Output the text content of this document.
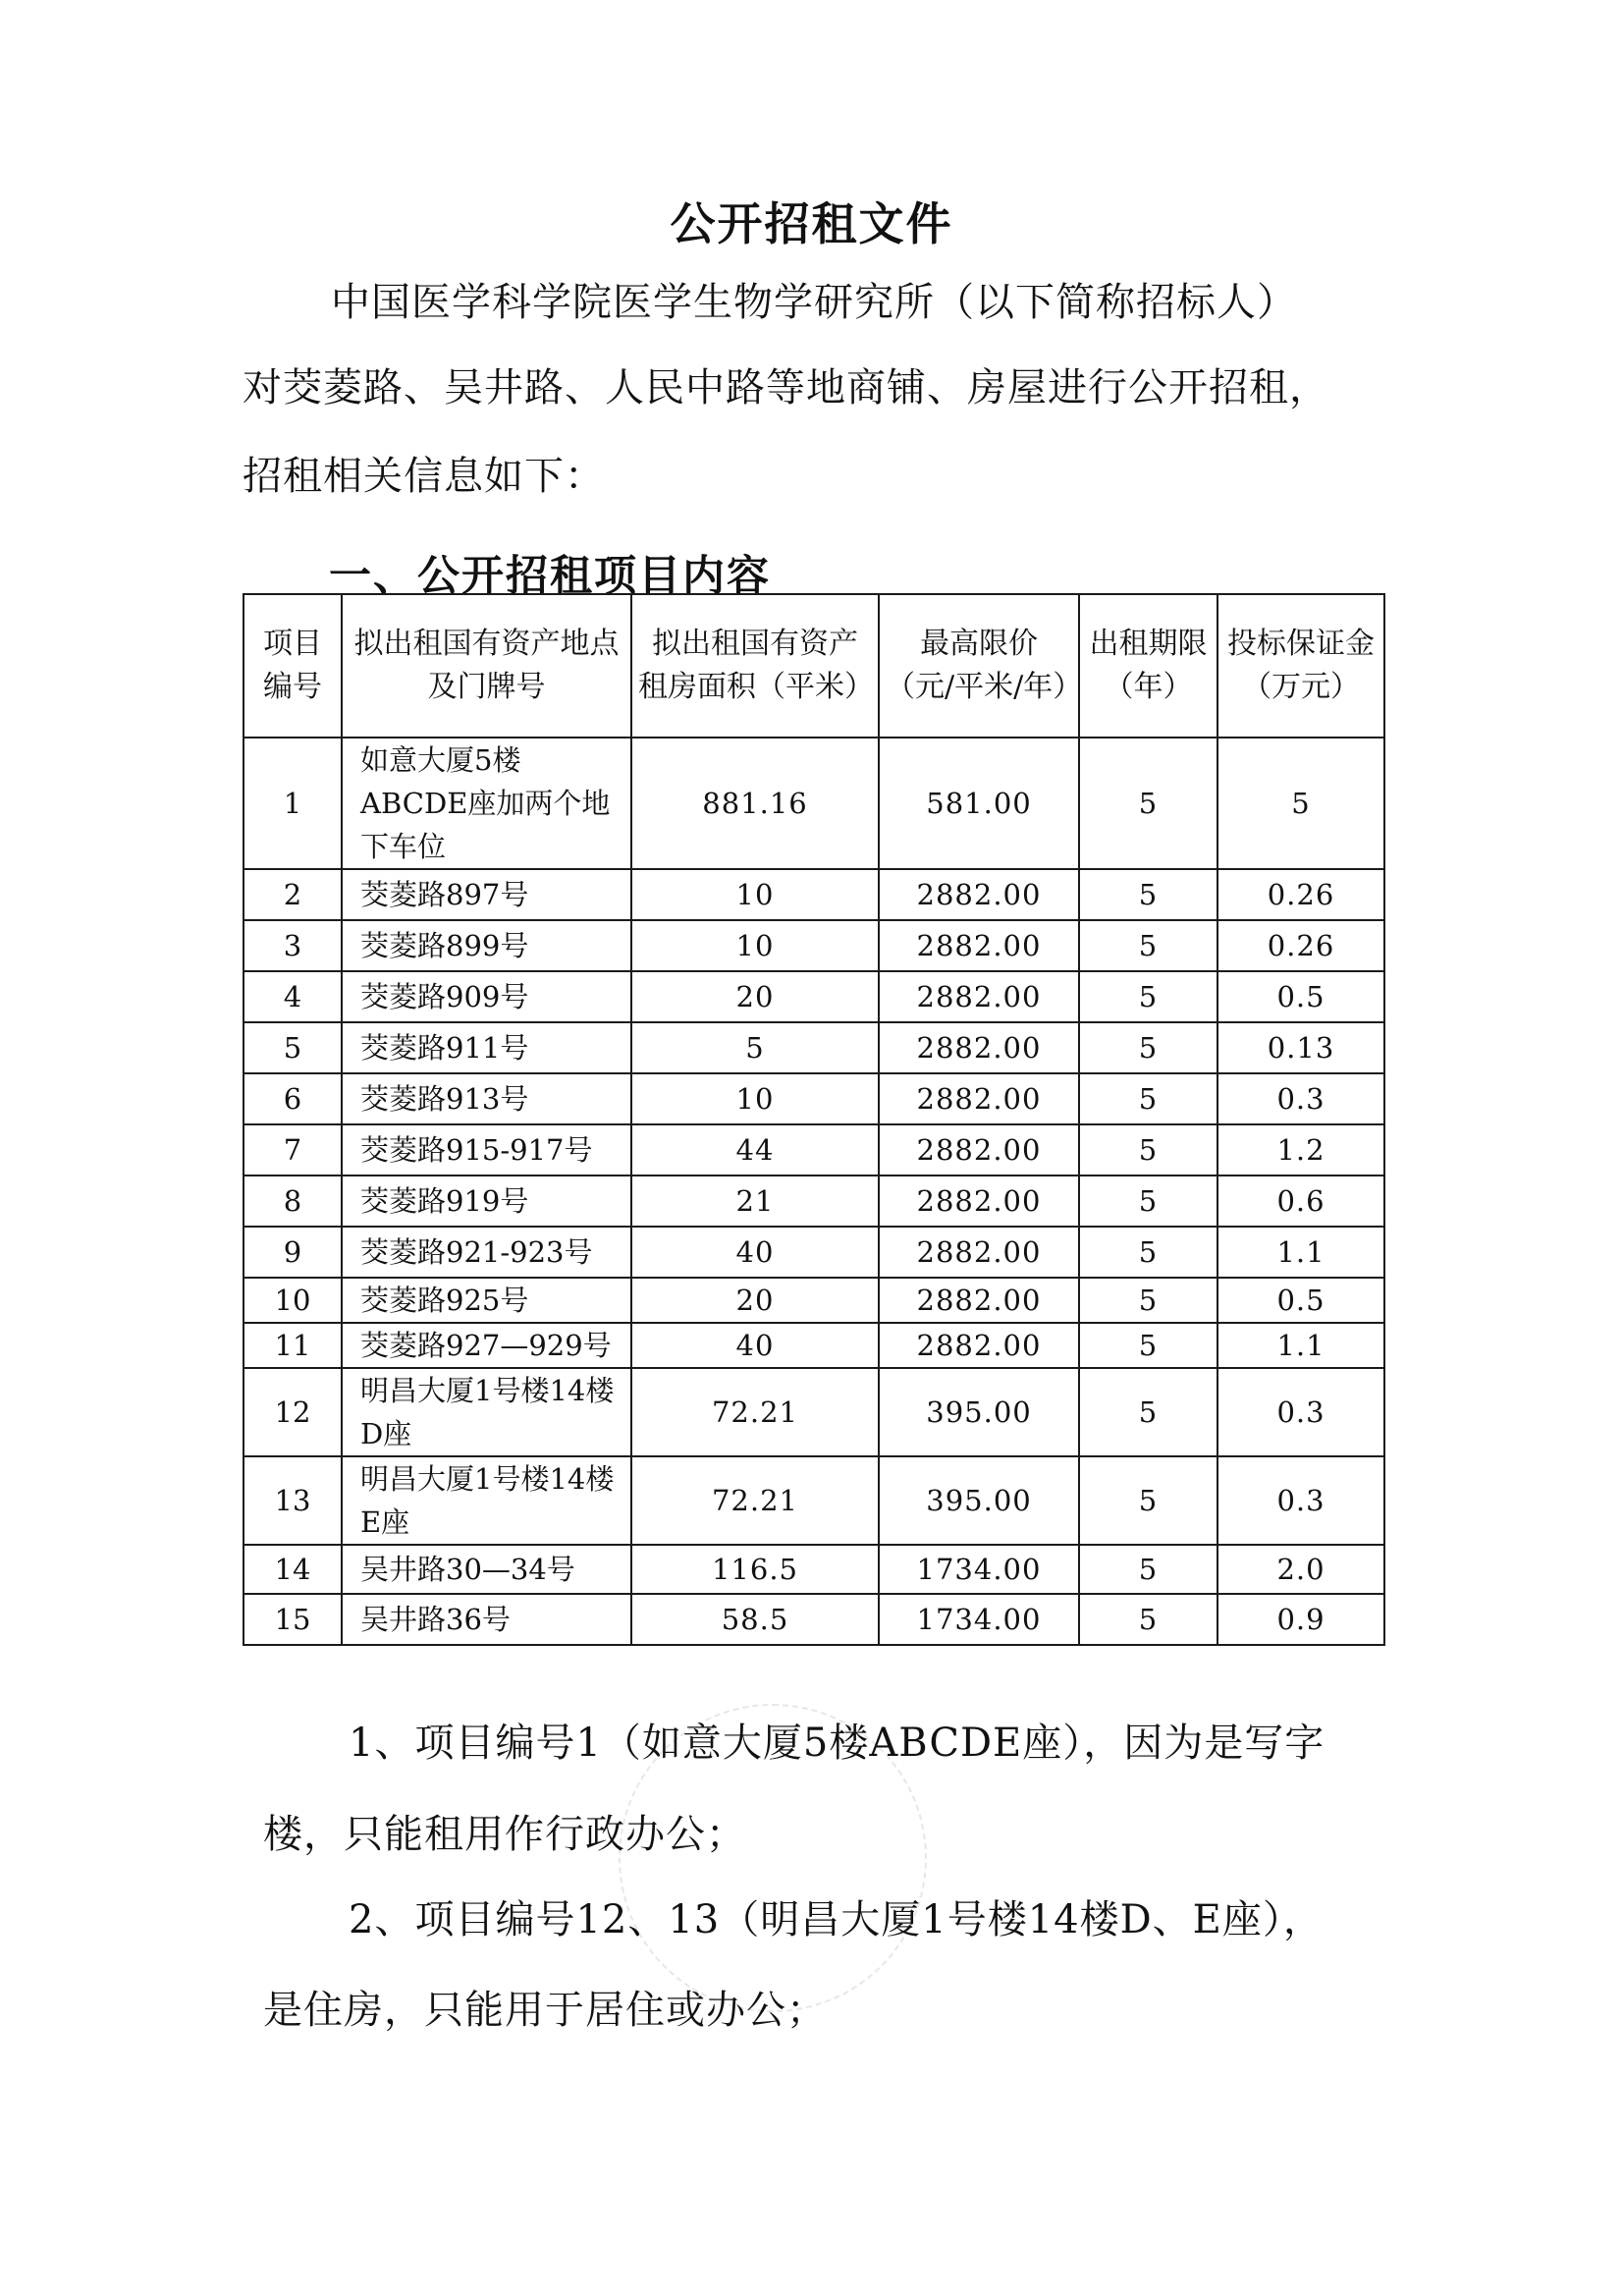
公开招租文件
中国医学科学院医学生物学研究所（以下简称招标人）
对茭菱路、吴井路、人民中路等地商铺、房屋进行公开招租，
招租相关信息如下：
一、公开招租项目内容
项目编号	拟出租国有资产地点及门牌号	拟出租国有资产租房面积（平米）	最高限价（元/平米/年）	出租期限（年）	投标保证金（万元）
1	如意大厦5楼ABCDE座加两个地下车位	881.16	581.00	5	5
2	茭菱路897号	10	2882.00	5	0.26
3	茭菱路899号	10	2882.00	5	0.26
4	茭菱路909号	20	2882.00	5	0.5
5	茭菱路911号	5	2882.00	5	0.13
6	茭菱路913号	10	2882.00	5	0.3
7	茭菱路915-917号	44	2882.00	5	1.2
8	茭菱路919号	21	2882.00	5	0.6
9	茭菱路921-923号	40	2882.00	5	1.1
10	茭菱路925号	20	2882.00	5	0.5
11	茭菱路927—929号	40	2882.00	5	1.1
12	明昌大厦1号楼14楼D座	72.21	395.00	5	0.3
13	明昌大厦1号楼14楼E座	72.21	395.00	5	0.3
14	吴井路30—34号	116.5	1734.00	5	2.0
15	吴井路36号	58.5	1734.00	5	0.9
1、项目编号1（如意大厦5楼ABCDE座），因为是写字
楼，只能租用作行政办公；
2、项目编号12、13（明昌大厦1号楼14楼D、E座），
是住房，只能用于居住或办公；
